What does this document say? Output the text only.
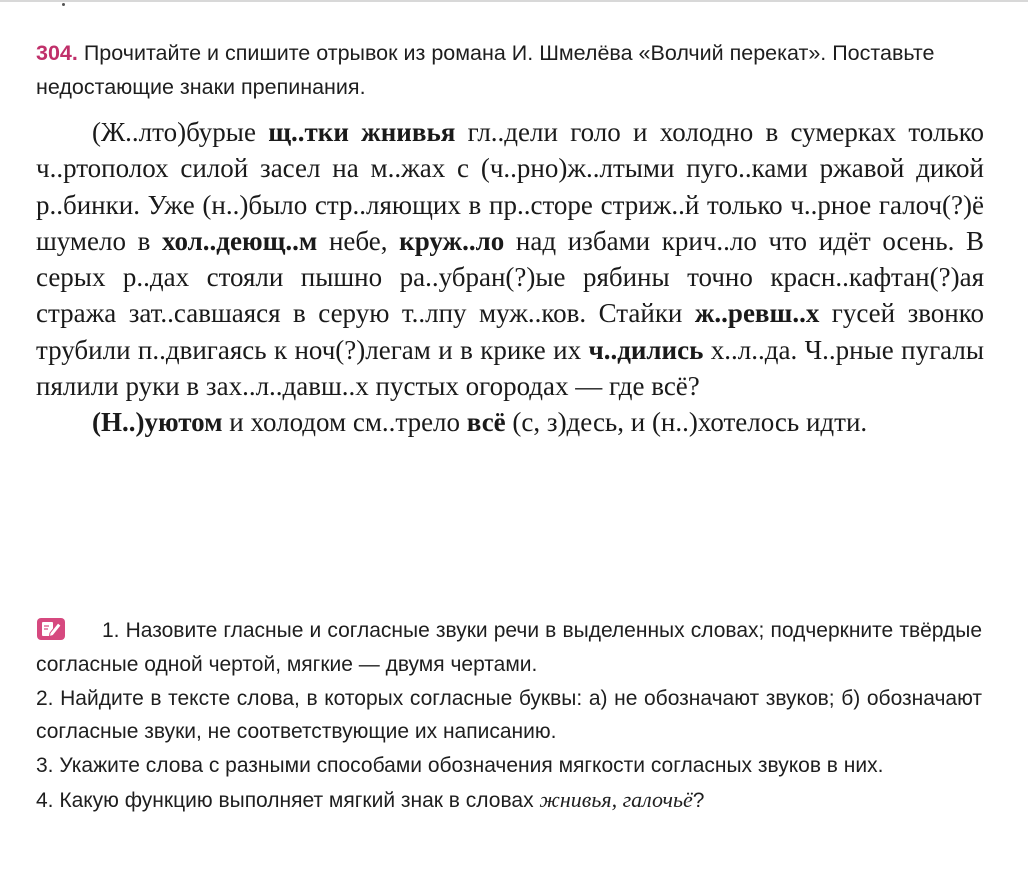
304. Прочитайте и спишите отрывок из романа И. Шмелёва «Волчий перекат». Поставьте недостающие знаки препинания.

(Ж..лто)бурые щ..тки жнивья гл..дели голо и холодно в сумерках только ч..ртополох силой засел на м..жах с (ч..рно)ж..лтыми пуго..ками ржавой дикой р..бинки. Уже (н..)было стр..ляющих в пр..сторе стриж..й только ч..рное галоч(?)ё шумело в хол..деющ..м небе, круж..ло над избами крич..ло что идёт осень. В серых р..дах стояли пышно ра..убран(?)ые рябины точно красн..кафтан(?)ая стража зат..савшаяся в серую т..лпу муж..ков. Стайки ж..ревш..х гусей звонко трубили п..двигаясь к ноч(?)легам и в крике их ч..дились х..л..да. Ч..рные пугалы пялили руки в зах..л..давш..х пустых огородах — где всё?

(Н..)уютом и холодом см..трело всё (с, з)десь, и (н..)хотелось идти.

1. Назовите гласные и согласные звуки речи в выделенных словах; подчеркните твёрдые согласные одной чертой, мягкие — двумя чертами.

2. Найдите в тексте слова, в которых согласные буквы: а) не обозначают звуков; б) обозначают согласные звуки, не соответствующие их написанию.

3. Укажите слова с разными способами обозначения мягкости согласных звуков в них.

4. Какую функцию выполняет мягкий знак в словах жнивья, галочьё?
